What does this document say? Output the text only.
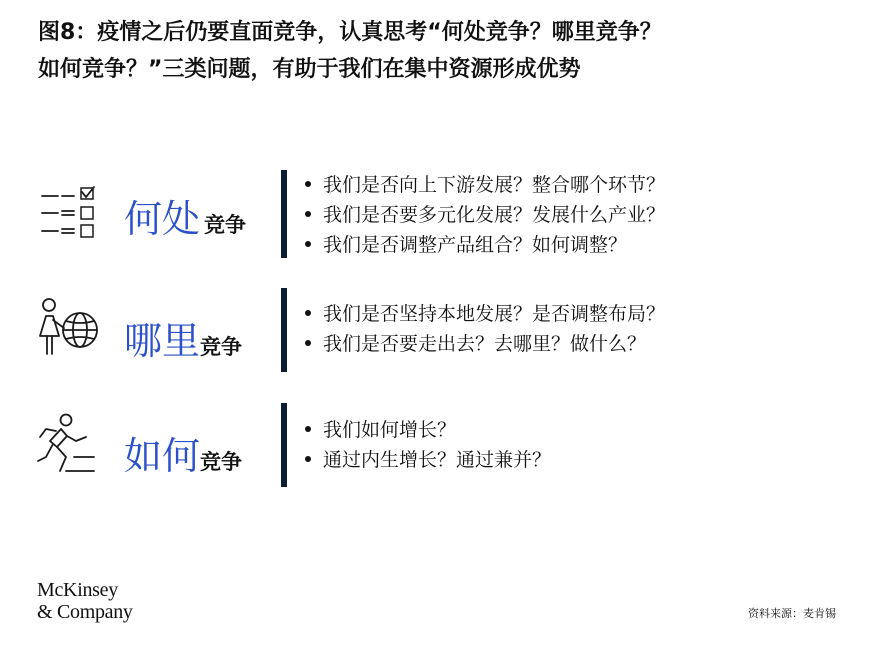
图8：疫情之后仍要直面竞争，认真思考“何处竞争？哪里竞争？
如何竞争？”三类问题，有助于我们在集中资源形成优势
何处 竞争
我们是否向上下游发展？整合哪个环节？
我们是否要多元化发展？发展什么产业？
我们是否调整产品组合？如何调整？
哪里竞争
我们是否坚持本地发展？是否调整布局？
我们是否要走出去？去哪里？做什么？
如何竞争
我们如何增长？
通过内生增长？通过兼并？
McKinsey
& Company	资料来源：麦肯锡
